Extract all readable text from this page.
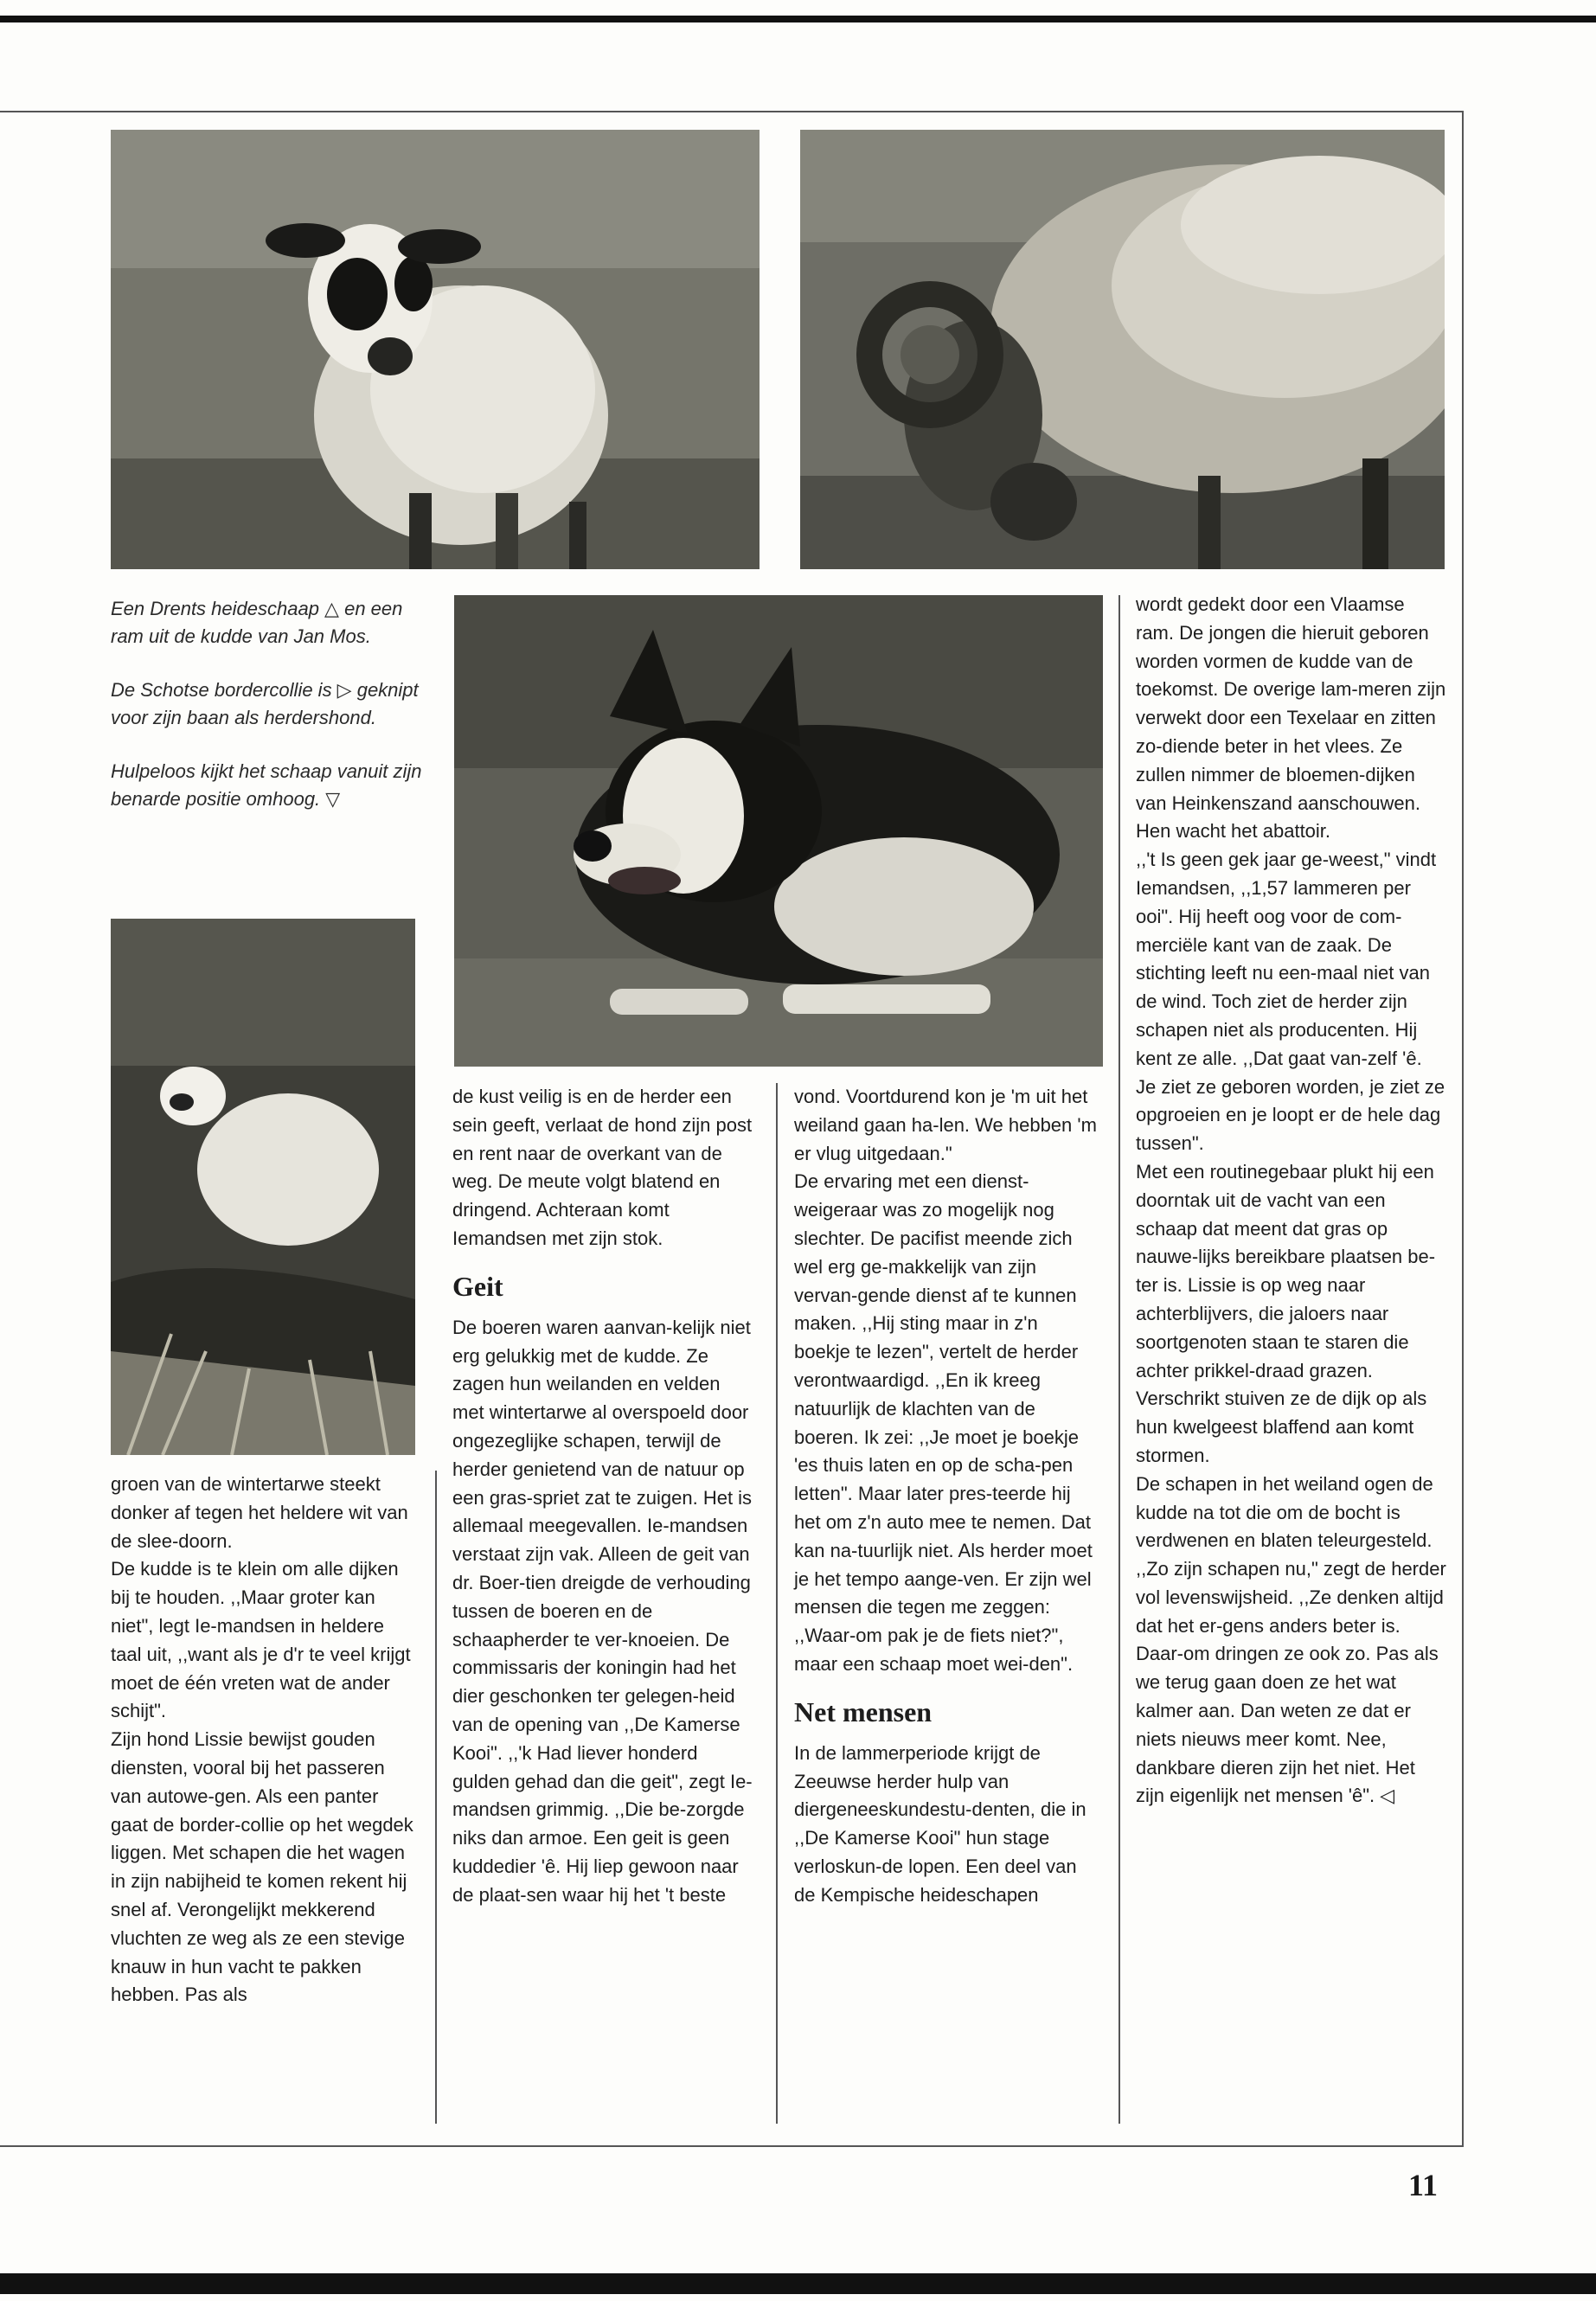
Een Drents heideschaap △ en een ram uit de kudde van Jan Mos.

De Schotse bordercollie is ▷ geknipt voor zijn baan als herdershond.

Hulpeloos kijkt het schaap vanuit zijn benarde positie omhoog. ▽

groen van de wintertarwe steekt donker af tegen het heldere wit van de slee-doorn.

De kudde is te klein om alle dijken bij te houden. ,,Maar groter kan niet", legt Ie-mandsen in heldere taal uit, ,,want als je d'r te veel krijgt moet de één vreten wat de ander schijt".

Zijn hond Lissie bewijst gouden diensten, vooral bij het passeren van autowe-gen. Als een panter gaat de border-collie op het wegdek liggen. Met schapen die het wagen in zijn nabijheid te komen rekent hij snel af. Verongelijkt mekkerend vluchten ze weg als ze een stevige knauw in hun vacht te pakken hebben. Pas als

de kust veilig is en de herder een sein geeft, verlaat de hond zijn post en rent naar de overkant van de weg. De meute volgt blatend en dringend. Achteraan komt Iemandsen met zijn stok.

Geit

De boeren waren aanvan-kelijk niet erg gelukkig met de kudde. Ze zagen hun weilanden en velden met wintertarwe al overspoeld door ongezeglijke schapen, terwijl de herder genietend van de natuur op een gras-spriet zat te zuigen. Het is allemaal meegevallen. Ie-mandsen verstaat zijn vak. Alleen de geit van dr. Boer-tien dreigde de verhouding tussen de boeren en de schaapherder te ver-knoeien. De commissaris der koningin had het dier geschonken ter gelegen-heid van de opening van ,,De Kamerse Kooi". ,,'k Had liever honderd gulden gehad dan die geit", zegt Ie-mandsen grimmig. ,,Die be-zorgde niks dan armoe. Een geit is geen kuddedier 'ê. Hij liep gewoon naar de plaat-sen waar hij het 't beste

vond. Voortdurend kon je 'm uit het weiland gaan ha-len. We hebben 'm er vlug uitgedaan."

De ervaring met een dienst-weigeraar was zo mogelijk nog slechter. De pacifist meende zich wel erg ge-makkelijk van zijn vervan-gende dienst af te kunnen maken. ,,Hij sting maar in z'n boekje te lezen", vertelt de herder verontwaardigd. ,,En ik kreeg natuurlijk de klachten van de boeren. Ik zei: ,,Je moet je boekje 'es thuis laten en op de scha-pen letten". Maar later pres-teerde hij het om z'n auto mee te nemen. Dat kan na-tuurlijk niet. Als herder moet je het tempo aange-ven. Er zijn wel mensen die tegen me zeggen: ,,Waar-om pak je de fiets niet?", maar een schaap moet wei-den".

Net mensen

In de lammerperiode krijgt de Zeeuwse herder hulp van diergeneeskundestu-denten, die in ,,De Kamerse Kooi" hun stage verloskun-de lopen. Een deel van de Kempische heideschapen

wordt gedekt door een Vlaamse ram. De jongen die hieruit geboren worden vormen de kudde van de toekomst. De overige lam-meren zijn verwekt door een Texelaar en zitten zo-diende beter in het vlees. Ze zullen nimmer de bloemen-dijken van Heinkenszand aanschouwen. Hen wacht het abattoir.

,,'t Is geen gek jaar ge-weest," vindt Iemandsen, ,,1,57 lammeren per ooi". Hij heeft oog voor de com-merciële kant van de zaak. De stichting leeft nu een-maal niet van de wind. Toch ziet de herder zijn schapen niet als producenten. Hij kent ze alle. ,,Dat gaat van-zelf 'ê. Je ziet ze geboren worden, je ziet ze opgroeien en je loopt er de hele dag tussen".

Met een routinegebaar plukt hij een doorntak uit de vacht van een schaap dat meent dat gras op nauwe-lijks bereikbare plaatsen be-ter is. Lissie is op weg naar achterblijvers, die jaloers naar soortgenoten staan te staren die achter prikkel-draad grazen. Verschrikt stuiven ze de dijk op als hun kwelgeest blaffend aan komt stormen.

De schapen in het weiland ogen de kudde na tot die om de bocht is verdwenen en blaten teleurgesteld. ,,Zo zijn schapen nu," zegt de herder vol levenswijsheid. ,,Ze denken altijd dat het er-gens anders beter is. Daar-om dringen ze ook zo. Pas als we terug gaan doen ze het wat kalmer aan. Dan weten ze dat er niets nieuws meer komt. Nee, dankbare dieren zijn het niet. Het zijn eigenlijk net mensen 'ê". ◁

11
